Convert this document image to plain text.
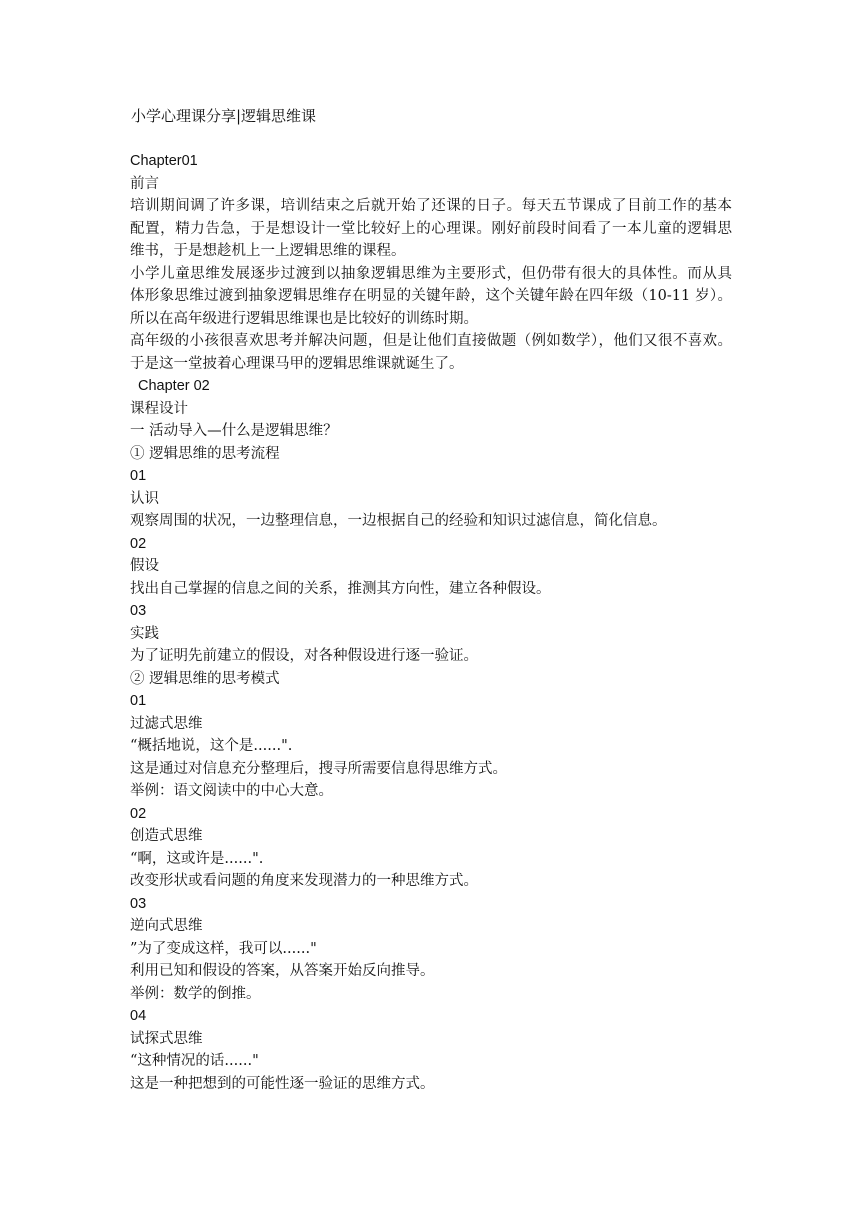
小学心理课分享|逻辑思维课
Chapter01
前言
培训期间调了许多课，培训结束之后就开始了还课的日子。每天五节课成了目前工作的基本
配置，精力告急，于是想设计一堂比较好上的心理课。刚好前段时间看了一本儿童的逻辑思
维书，于是想趁机上一上逻辑思维的课程。
小学儿童思维发展逐步过渡到以抽象逻辑思维为主要形式，但仍带有很大的具体性。而从具
体形象思维过渡到抽象逻辑思维存在明显的关键年龄，这个关键年龄在四年级（10-11 岁）。
所以在高年级进行逻辑思维课也是比较好的训练时期。
高年级的小孩很喜欢思考并解决问题，但是让他们直接做题（例如数学），他们又很不喜欢。
于是这一堂披着心理课马甲的逻辑思维课就诞生了。
Chapter 02
课程设计
一 活动导入—什么是逻辑思维？
① 逻辑思维的思考流程
01
认识
观察周围的状况，一边整理信息，一边根据自己的经验和知识过滤信息，简化信息。
02
假设
找出自己掌握的信息之间的关系，推测其方向性，建立各种假设。
03
实践
为了证明先前建立的假设，对各种假设进行逐一验证。
② 逻辑思维的思考模式
01
过滤式思维
“概括地说，这个是......".
这是通过对信息充分整理后，搜寻所需要信息得思维方式。
举例：语文阅读中的中心大意。
02
创造式思维
“啊，这或许是......".
改变形状或看问题的角度来发现潜力的一种思维方式。
03
逆向式思维
”为了变成这样，我可以......"
利用已知和假设的答案，从答案开始反向推导。
举例：数学的倒推。
04
试探式思维
“这种情况的话......"
这是一种把想到的可能性逐一验证的思维方式。
